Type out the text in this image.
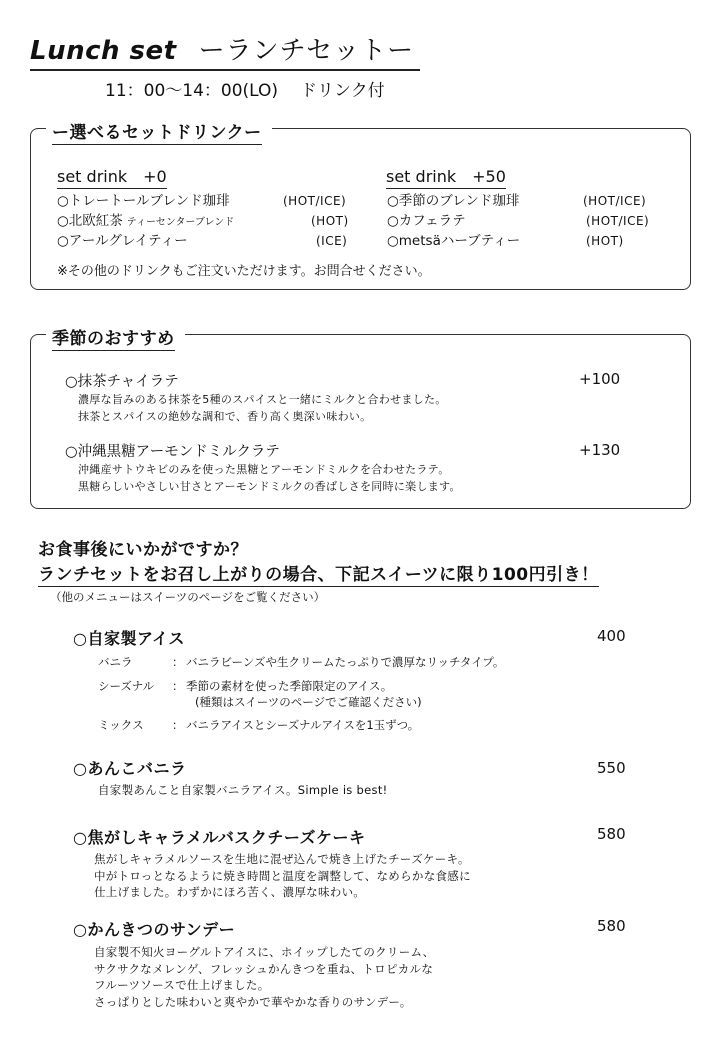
Lunch set ーランチセットー
11：00～14：00(LO) ドリンク付
ー選べるセットドリンクー
set drink　+0	set drink　+50
○トレートールブレンド珈琲	(HOT/ICE)
○北欧紅茶 ティーセンターブレンド	(HOT)
○アールグレイティー	(ICE)
○季節のブレンド珈琲	(HOT/ICE)
○カフェラテ	(HOT/ICE)
○metsäハーブティー	(HOT)
※その他のドリンクもご注文いただけます。お問合せください。
季節のおすすめ
○抹茶チャイラテ	+100
濃厚な旨みのある抹茶を5種のスパイスと一緒にミルクと合わせました。
抹茶とスパイスの絶妙な調和で、香り高く奥深い味わい。
○沖縄黒糖アーモンドミルクラテ	+130
沖縄産サトウキビのみを使った黒糖とアーモンドミルクを合わせたラテ。
黒糖らしいやさしい甘さとアーモンドミルクの香ばしさを同時に楽します。
お食事後にいかがですか？
ランチセットをお召し上がりの場合、下記スイーツに限り100円引き！
（他のメニューはスイーツのページをご覧ください）
○自家製アイス	400
バニラ	： バニラビーンズや生クリームたっぷりで濃厚なリッチタイプ。
シーズナル ： 季節の素材を使った季節限定のアイス。
(種類はスイーツのページでご確認ください)
ミックス ： バニラアイスとシーズナルアイスを1玉ずつ。
○あんこバニラ	550
自家製あんこと自家製バニラアイス。Simple is best!
○焦がしキャラメルバスクチーズケーキ	580
焦がしキャラメルソースを生地に混ぜ込んで焼き上げたチーズケーキ。
中がトロっとなるように焼き時間と温度を調整して、なめらかな食感に
仕上げました。わずかにほろ苦く、濃厚な味わい。
○かんきつのサンデー	580
自家製不知火ヨーグルトアイスに、ホイップしたてのクリーム、
サクサクなメレンゲ、フレッシュかんきつを重ね、トロピカルな
フルーツソースで仕上げました。
さっぱりとした味わいと爽やかで華やかな香りのサンデー。
